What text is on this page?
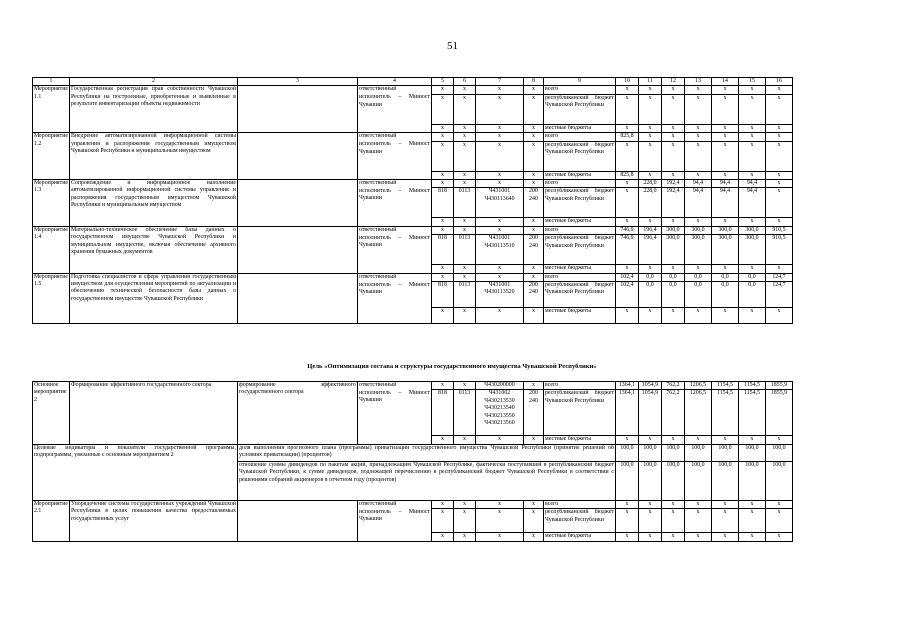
51
1	2	3	4	5	6	7	8	9	10	11	12	13	14	15	16
Мероприятие 1.1	Государственная регистрация прав собственности Чувашской Республики на построенные, приобретенные и выявленные в результате инвентаризации объекты недвижимости		ответственный	х	х	х	х	всего	х	х	х	х	х	х	х
			исполнитель – Минюст Чувашии	х	х	х	х	республиканский бюджет Чувашской Республики	х	х	х	х	х	х	х
				х	х	х	х	местные бюджеты	х	х	х	х	х	х	х
Мероприятие 1.2	Внедрение автоматизированной информационной системы управления и распоряжения государственным имуществом Чувашской Республики и муниципальным имуществом		ответственный	х	х	х	х	всего	825,8	х	х	х	х	х	х
			исполнитель – Минюст Чувашии	х	х	х	х	республиканский бюджет Чувашской Республики	х	х	х	х	х	х	х
				х	х	х	х	местные бюджеты	825,8	х	х	х	х	х	х
Мероприятие 1.3	Сопровождение и информационное наполнение автоматизированной информационной системы управления и распоряжения государственным имуществом Чувашской Республики и муниципальным имуществом		ответственный	х	х	х	х	всего	х	228,0	192,4	94,4	94,4	94,4	х
			исполнитель – Минюст Чувашии	818	0113	Ч431001 Ч430113640	200 240	республиканский бюджет Чувашской Республики	х	228,0	192,4	94,4	94,4	94,4	х
				х	х	х	х	местные бюджеты	х	х	х	х	х	х	х
Мероприятие 1.4	Материально-техническое обеспечение базы данных о государственном имуществе Чувашской Республики и муниципальном имуществе, включая обеспечение архивного хранения бумажных документов		ответственный	х	х	х	х	всего	746,9	196,4	300,0	300,0	300,0	300,0	910,5
			исполнитель – Минюст Чувашии	818	0113	Ч431001 Ч430113510	200 240	республиканский бюджет Чувашской Республики	746,9	196,4	300,0	300,0	300,0	300,0	910,5
				х	х	х	х	местные бюджеты	х	х	х	х	х	х	х
Мероприятие 1.5	Подготовка специалистов в сфере управления государственным имуществом для осуществления мероприятий по актуализации и обеспечению технической безопасности базы данных о государственном имуществе Чувашской Республики		ответственный	х	х	х	х	всего	102,4	0,0	0,0	0,0	0,0	0,0	124,7
			исполнитель – Минюст Чувашии	818	0113	Ч431001 Ч430113520	200 240	республиканский бюджет Чувашской Республики	102,4	0,0	0,0	0,0	0,0	0,0	124,7
				х	х	х	х	местные бюджеты	х	х	х	х	х	х	х
Цель «Оптимизация состава и структуры государственного имущества Чувашской Республики»
Основное мероприятие 2	Формирование эффективного государственного сектора	формирование эффективного государственного сектора	ответственный	х	х	Ч430200000	х	всего	1364,1	1054,9	762,2	1206,5	1154,5	1154,5	1855,9
			исполнитель – Минюст Чувашии	818	0113	Ч431002 Ч430213530 Ч430213540 Ч430213550 Ч430213560	200 240	республиканский бюджет Чувашской Республики	1364,1	1054,9	762,2	1206,5	1154,5	1154,5	1855,9
				х	х	х	х	местные бюджеты	х	х	х	х	х	х	х
Целевые индикаторы и показатели государственной программы, подпрограммы, увязанные с основным мероприятием 2		доля выполнения прогнозного плана (программы) приватизации государственного имущества Чувашской Республики (принятие решений об условиях приватизации) (процентов)							100,0	100,0	100,0	100,0	100,0	100,0	100,0
		отношение суммы дивидендов по пакетам акций, принадлежащим Чувашской Республике, фактически поступившей в республиканский бюджет Чувашской Республики, к сумме дивидендов, подлежащей перечислению в республиканский бюджет Чувашской Республики в соответствии с решениями собраний акционеров в отчетном году (процентов)							100,0	100,0	100,0	100,0	100,0	100,0	100,0
Мероприятие 2.1	Упорядочение системы государственных учреждений Чувашской Республики в целях повышения качества предоставляемых государственных услуг		ответственный	х	х	х	х	всего	х	х	х	х	х	х	х
			исполнитель – Минюст Чувашии	х	х	х	х	республиканский бюджет Чувашской Республики	х	х	х	х	х	х	х
				х	х	х	х	местные бюджеты	х	х	х	х	х	х	х
